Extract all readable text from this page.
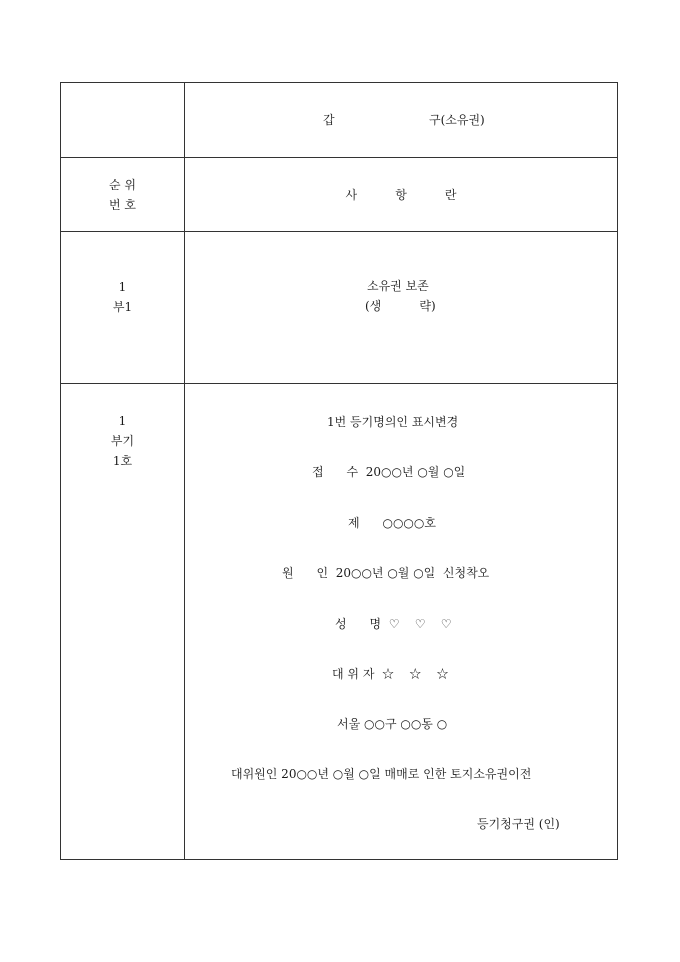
갑	구(소유권)
순 위
번 호
사          항          란
1
부1
소유권 보존
(생          략)
1
부기
1호
1번 등기명의인 표시변경
접      수  20○○년 ○월 ○일
제      ○○○○호
원      인  20○○년 ○월 ○일  신청착오
성      명  ♡    ♡    ♡
대 위 자  ☆    ☆    ☆
서울 ○○구 ○○동 ○
대위원인 20○○년 ○월 ○일 매매로 인한 토지소유권이전
등기청구권 (인)
